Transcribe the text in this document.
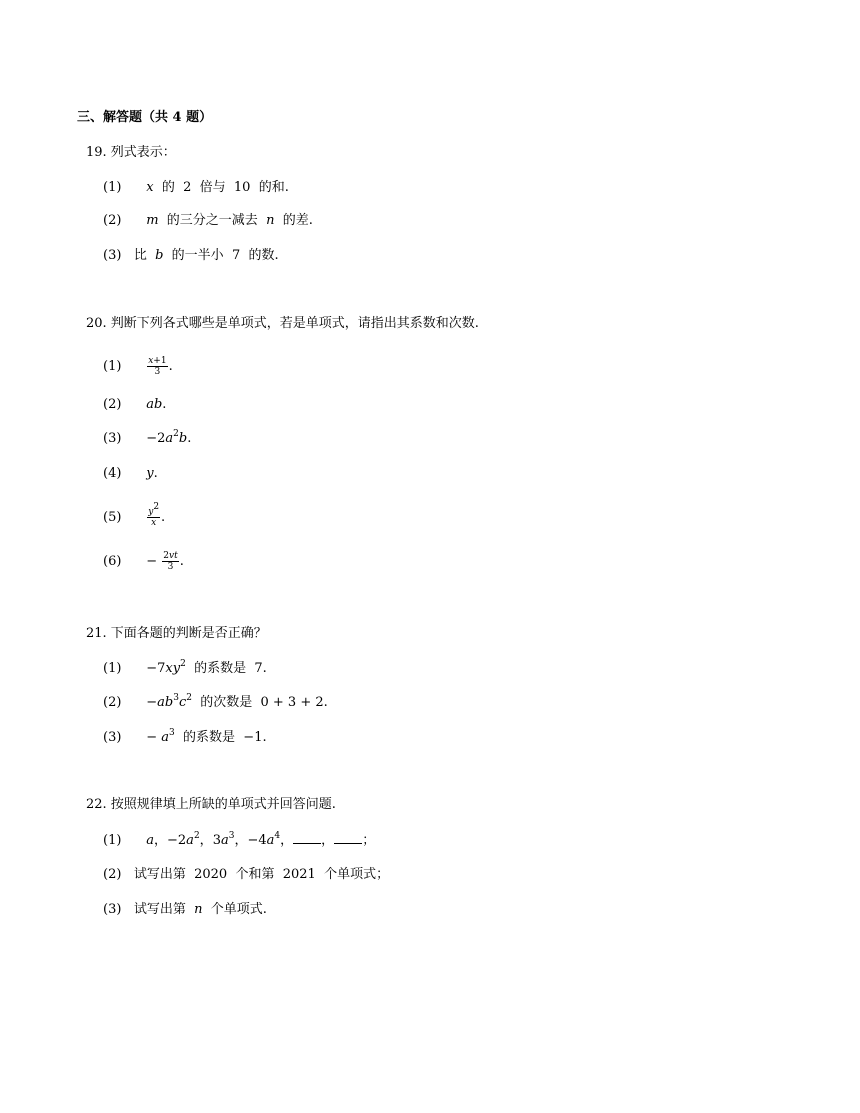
三、解答题（共 4 题）
19. 列式表示：
(1) x  的  2  倍与  10  的和.
(2) m  的三分之一减去  n  的差.
(3)   比  b  的一半小  7  的数.
20. 判断下列各式哪些是单项式，若是单项式，请指出其系数和次数.
(1)	$\frac{x+1}{3}$ .
(2) ab.
$(3) -2a^2b$.
(4) y.
(5)	$\frac{y^2}{x}$ .
$(6) - \frac{2vt}{3}$ .
21. 下面各题的判断是否正确？
$(1) -7xy^2$  的系数是  7.
$(2) -ab^3c^2$  的次数是  0 + 3 + 2.
$(3) - a^3$  的系数是  −1.
22. 按照规律填上所缺的单项式并回答问题.
(1) a，$-2a^2$，$3a^3$，$-4a^4$， ， ；
(2)   试写出第  2020  个和第  2021  个单项式；
(3)   试写出第  n  个单项式.
